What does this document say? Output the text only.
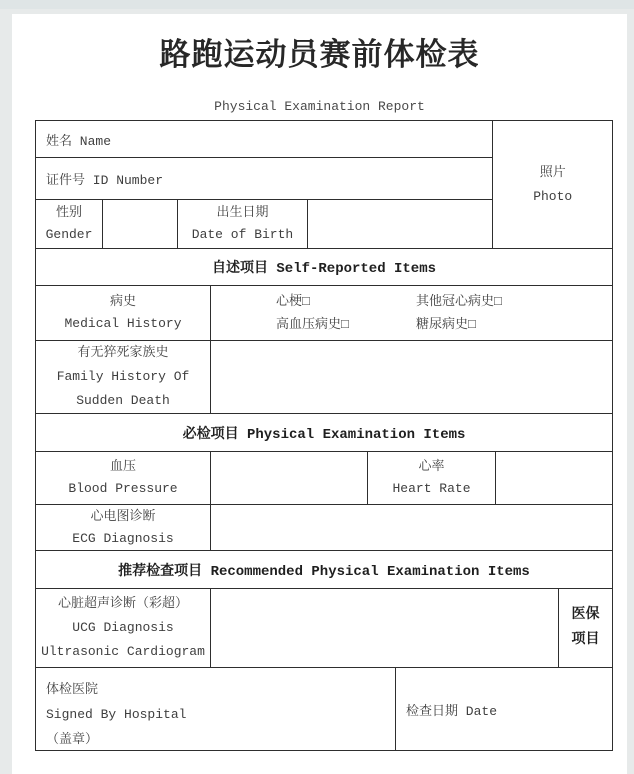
路跑运动员赛前体检表
Physical Examination Report
姓名 Name
证件号 ID Number
性别
Gender
出生日期
Date of Birth
照片
Photo
自述项目 Self-Reported Items
病史
Medical History
心梗□
高血压病史□
其他冠心病史□
糖尿病史□
有无猝死家族史
Family History Of
Sudden Death
必检项目 Physical Examination Items
血压
Blood Pressure
心率
Heart Rate
心电图诊断
ECG Diagnosis
推荐检查项目 Recommended Physical Examination Items
心脏超声诊断（彩超）
UCG Diagnosis
Ultrasonic Cardiogram
医保
项目
体检医院
Signed By Hospital
（盖章）
检查日期 Date
